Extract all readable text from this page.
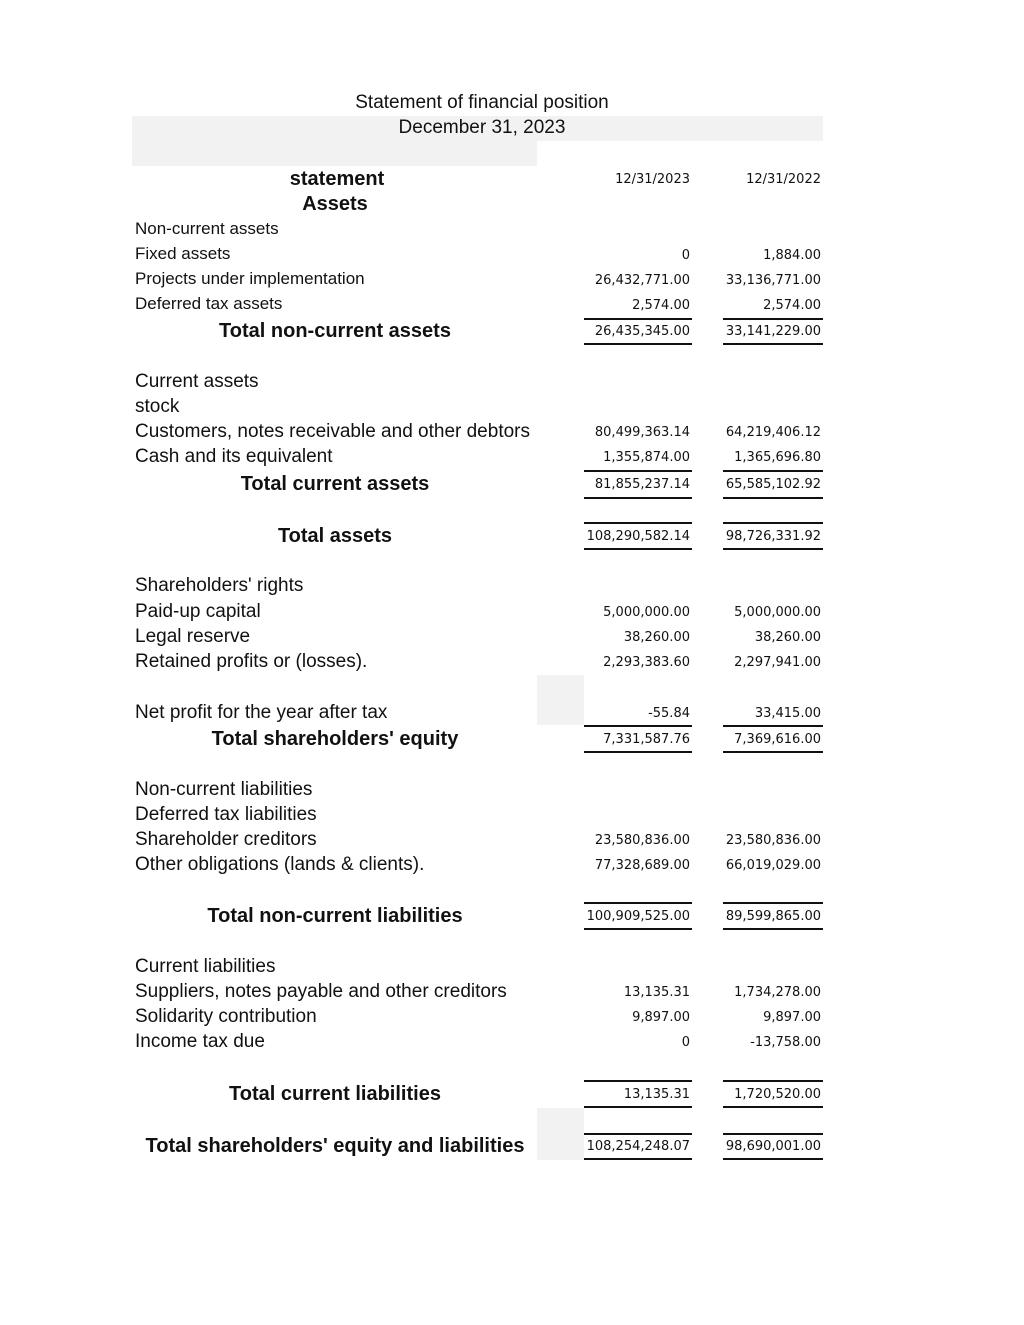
Statement of financial position
December 31, 2023
statement	12/31/2023	12/31/2022
Assets
Non-current assets
Fixed assets	0	1,884.00
Projects under implementation	26,432,771.00	33,136,771.00
Deferred tax assets	2,574.00	2,574.00
Total non-current assets	26,435,345.00	33,141,229.00
Current assets
stock
Customers, notes receivable and other debtors	80,499,363.14	64,219,406.12
Cash and its equivalent	1,355,874.00	1,365,696.80
Total current assets	81,855,237.14	65,585,102.92
Total assets	108,290,582.14	98,726,331.92
Shareholders' rights
Paid-up capital	5,000,000.00	5,000,000.00
Legal reserve	38,260.00	38,260.00
Retained profits or (losses).	2,293,383.60	2,297,941.00
Net profit for the year after tax	-55.84	33,415.00
Total shareholders' equity	7,331,587.76	7,369,616.00
Non-current liabilities
Deferred tax liabilities
Shareholder creditors	23,580,836.00	23,580,836.00
Other obligations (lands & clients).	77,328,689.00	66,019,029.00
Total non-current liabilities	100,909,525.00	89,599,865.00
Current liabilities
Suppliers, notes payable and other creditors	13,135.31	1,734,278.00
Solidarity contribution	9,897.00	9,897.00
Income tax due	0	-13,758.00
Total current liabilities	13,135.31	1,720,520.00
Total shareholders' equity and liabilities	108,254,248.07	98,690,001.00
